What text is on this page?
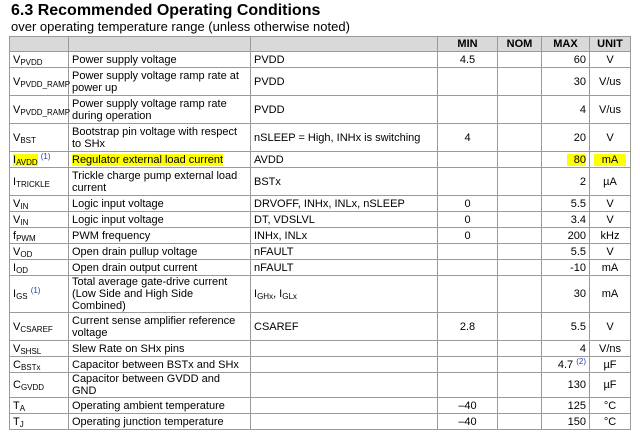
6.3 Recommended Operating Conditions
over operating temperature range (unless otherwise noted)
			MIN	NOM	MAX	UNIT
$V_{PVDD}$	Power supply voltage	PVDD	4.5		60	V
$V_{PVDD\_RAMP}$	Power supply voltage ramp rate at power up	PVDD			30	V/us
$V_{PVDD\_RAMP}$	Power supply voltage ramp rate during operation	PVDD			4	V/us
$V_{BST}$	Bootstrap pin voltage with respect to SHx	nSLEEP = High, INHx is switching	4		20	V
$I_{AVDD}$ $^{(1)}$	Regulator external load current	AVDD			80	mA
$I_{TRICKLE}$	Trickle charge pump external load current	BSTx			2	µA
$V_{IN}$	Logic input voltage	DRVOFF, INHx, INLx, nSLEEP	0		5.5	V
$V_{IN}$	Logic input voltage	DT, VDSLVL	0		3.4	V
$f_{PWM}$	PWM frequency	INHx, INLx	0		200	kHz
$V_{OD}$	Open drain pullup voltage	nFAULT			5.5	V
$I_{OD}$	Open drain output current	nFAULT			-10	mA
$I_{GS}$ $^{(1)}$	Total average gate-drive current (Low Side and High Side Combined)	$I_{GHx}$, $I_{GLx}$			30	mA
$V_{CSAREF}$	Current sense amplifier reference voltage	CSAREF	2.8		5.5	V
$V_{SHSL}$	Slew Rate on SHx pins				4	V/ns
$C_{BSTx}$	Capacitor between BSTx and SHx				4.7 $^{(2)}$	µF
$C_{GVDD}$	Capacitor between GVDD and GND				130	µF
$T_A$	Operating ambient temperature		–40		125	°C
$T_J$	Operating junction temperature		–40		150	°C
